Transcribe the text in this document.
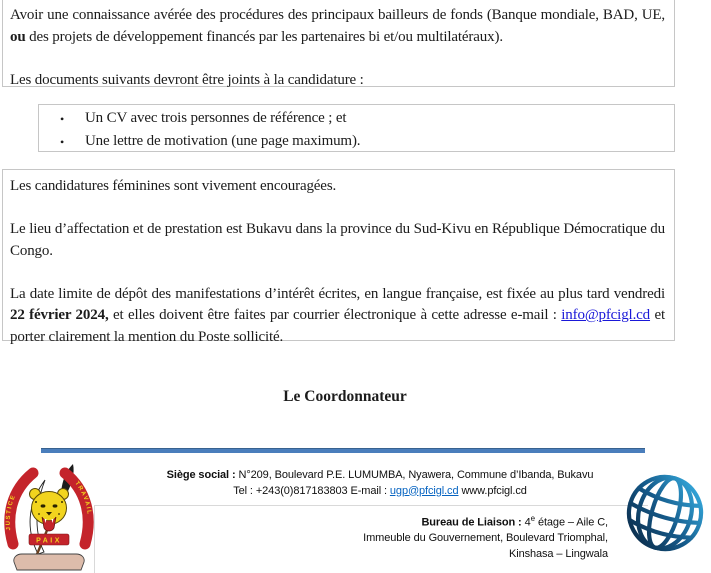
Avoir une connaissance avérée des procédures des principaux bailleurs de fonds (Banque mondiale, BAD, UE, ou des projets de développement financés par les partenaires bi et/ou multilatéraux).

Les documents suivants devront être joints à la candidature :

•	Un CV avec trois personnes de référence ; et
•	Une lettre de motivation (une page maximum).

Les candidatures féminines sont vivement encouragées.

Le lieu d’affectation et de prestation est Bukavu dans la province du Sud-Kivu en République Démocratique du Congo.

La date limite de dépôt des manifestations d’intérêt écrites, en langue française, est fixée au plus tard vendredi 22 février 2024, et elles doivent être faites par courrier électronique à cette adresse e-mail : info@pfcigl.cd et porter clairement la mention du Poste sollicité.

Le Coordonnateur
JUSTICE
TRAVAIL
PAIX
Siège social : N°209, Boulevard P.E. LUMUMBA, Nyawera, Commune d’Ibanda, Bukavu
Tel : +243(0)817183803 E-mail : ugp@pfcigl.cd www.pfcigl.cd
Bureau de Liaison : 4e étage – Aile C,
Immeuble du Gouvernement, Boulevard Triomphal,
Kinshasa – Lingwala
